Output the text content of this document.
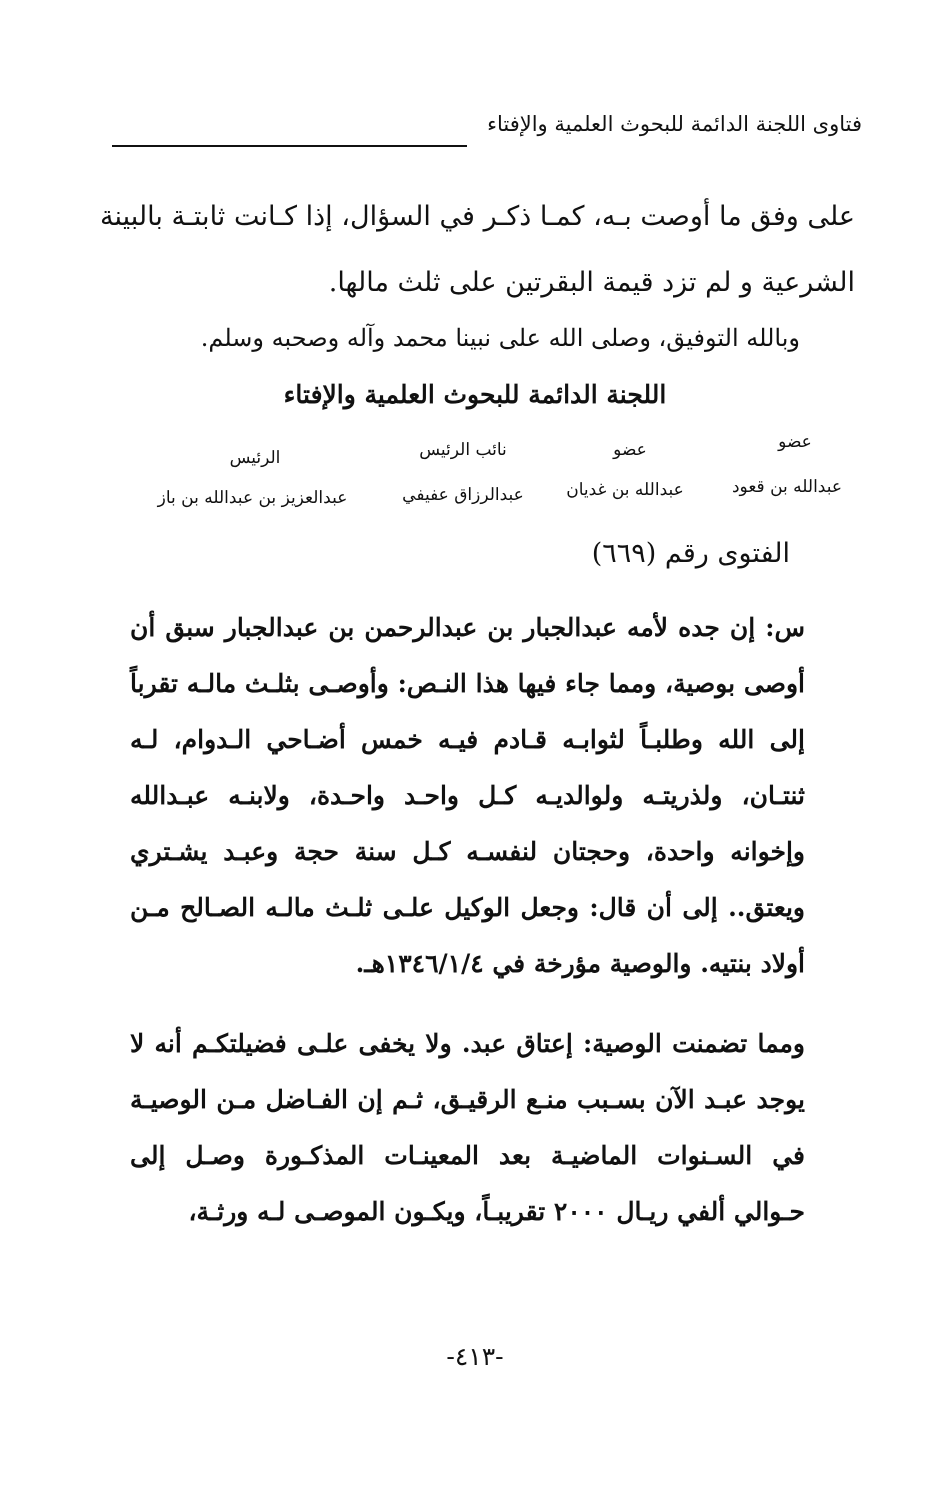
فتاوى اللجنة الدائمة للبحوث العلمية والإفتاء
على وفق ما أوصت بـه، كمـا ذكـر في السؤال، إذا كـانت ثابتـة بالبينة الشرعية و لم تزد قيمة البقرتين على ثلث مالها.
وبالله التوفيق، وصلى الله على نبينا محمد وآله وصحبه وسلم.
اللجنة الدائمة للبحوث العلمية والإفتاء
عضو
عبدالله بن قعود
عضو
عبدالله بن غديان
نائب الرئيس
عبدالرزاق عفيفي
الرئيس
عبدالعزيز بن عبدالله بن باز
الفتوى رقم (٦٦٩)
س: إن جده لأمه عبدالجبار بن عبدالرحمن بن عبدالجبار سبق أن أوصى بوصية، ومما جاء فيها هذا النـص: وأوصـى بثلـث مالـه تقرباً إلى الله وطلبـاً لثوابـه قـادم فيـه خمس أضـاحي الـدوام، لـه ثنتـان، ولذريتـه ولوالديـه كـل واحـد واحـدة، ولابنـه عبـدالله وإخوانه واحدة، وحجتان لنفسـه كـل سنة حجة وعبـد يشـتري ويعتق.. إلى أن قال: وجعل الوكيل علـى ثلـث مالـه الصـالح مـن أولاد بنتيه. والوصية مؤرخة في ١٣٤٦/١/٤هـ.
ومما تضمنت الوصية: إعتاق عبد. ولا يخفى علـى فضيلتكـم أنه لا يوجد عبـد الآن بسـبب منـع الرقيـق، ثـم إن الفـاضل مـن الوصيـة في السـنوات الماضيـة بعد المعينـات المذكـورة وصـل إلى حـوالي ألفي ريـال ٢٠٠٠ تقريبـاً، ويكـون الموصـى لـه ورثـة،
-٤١٣-
